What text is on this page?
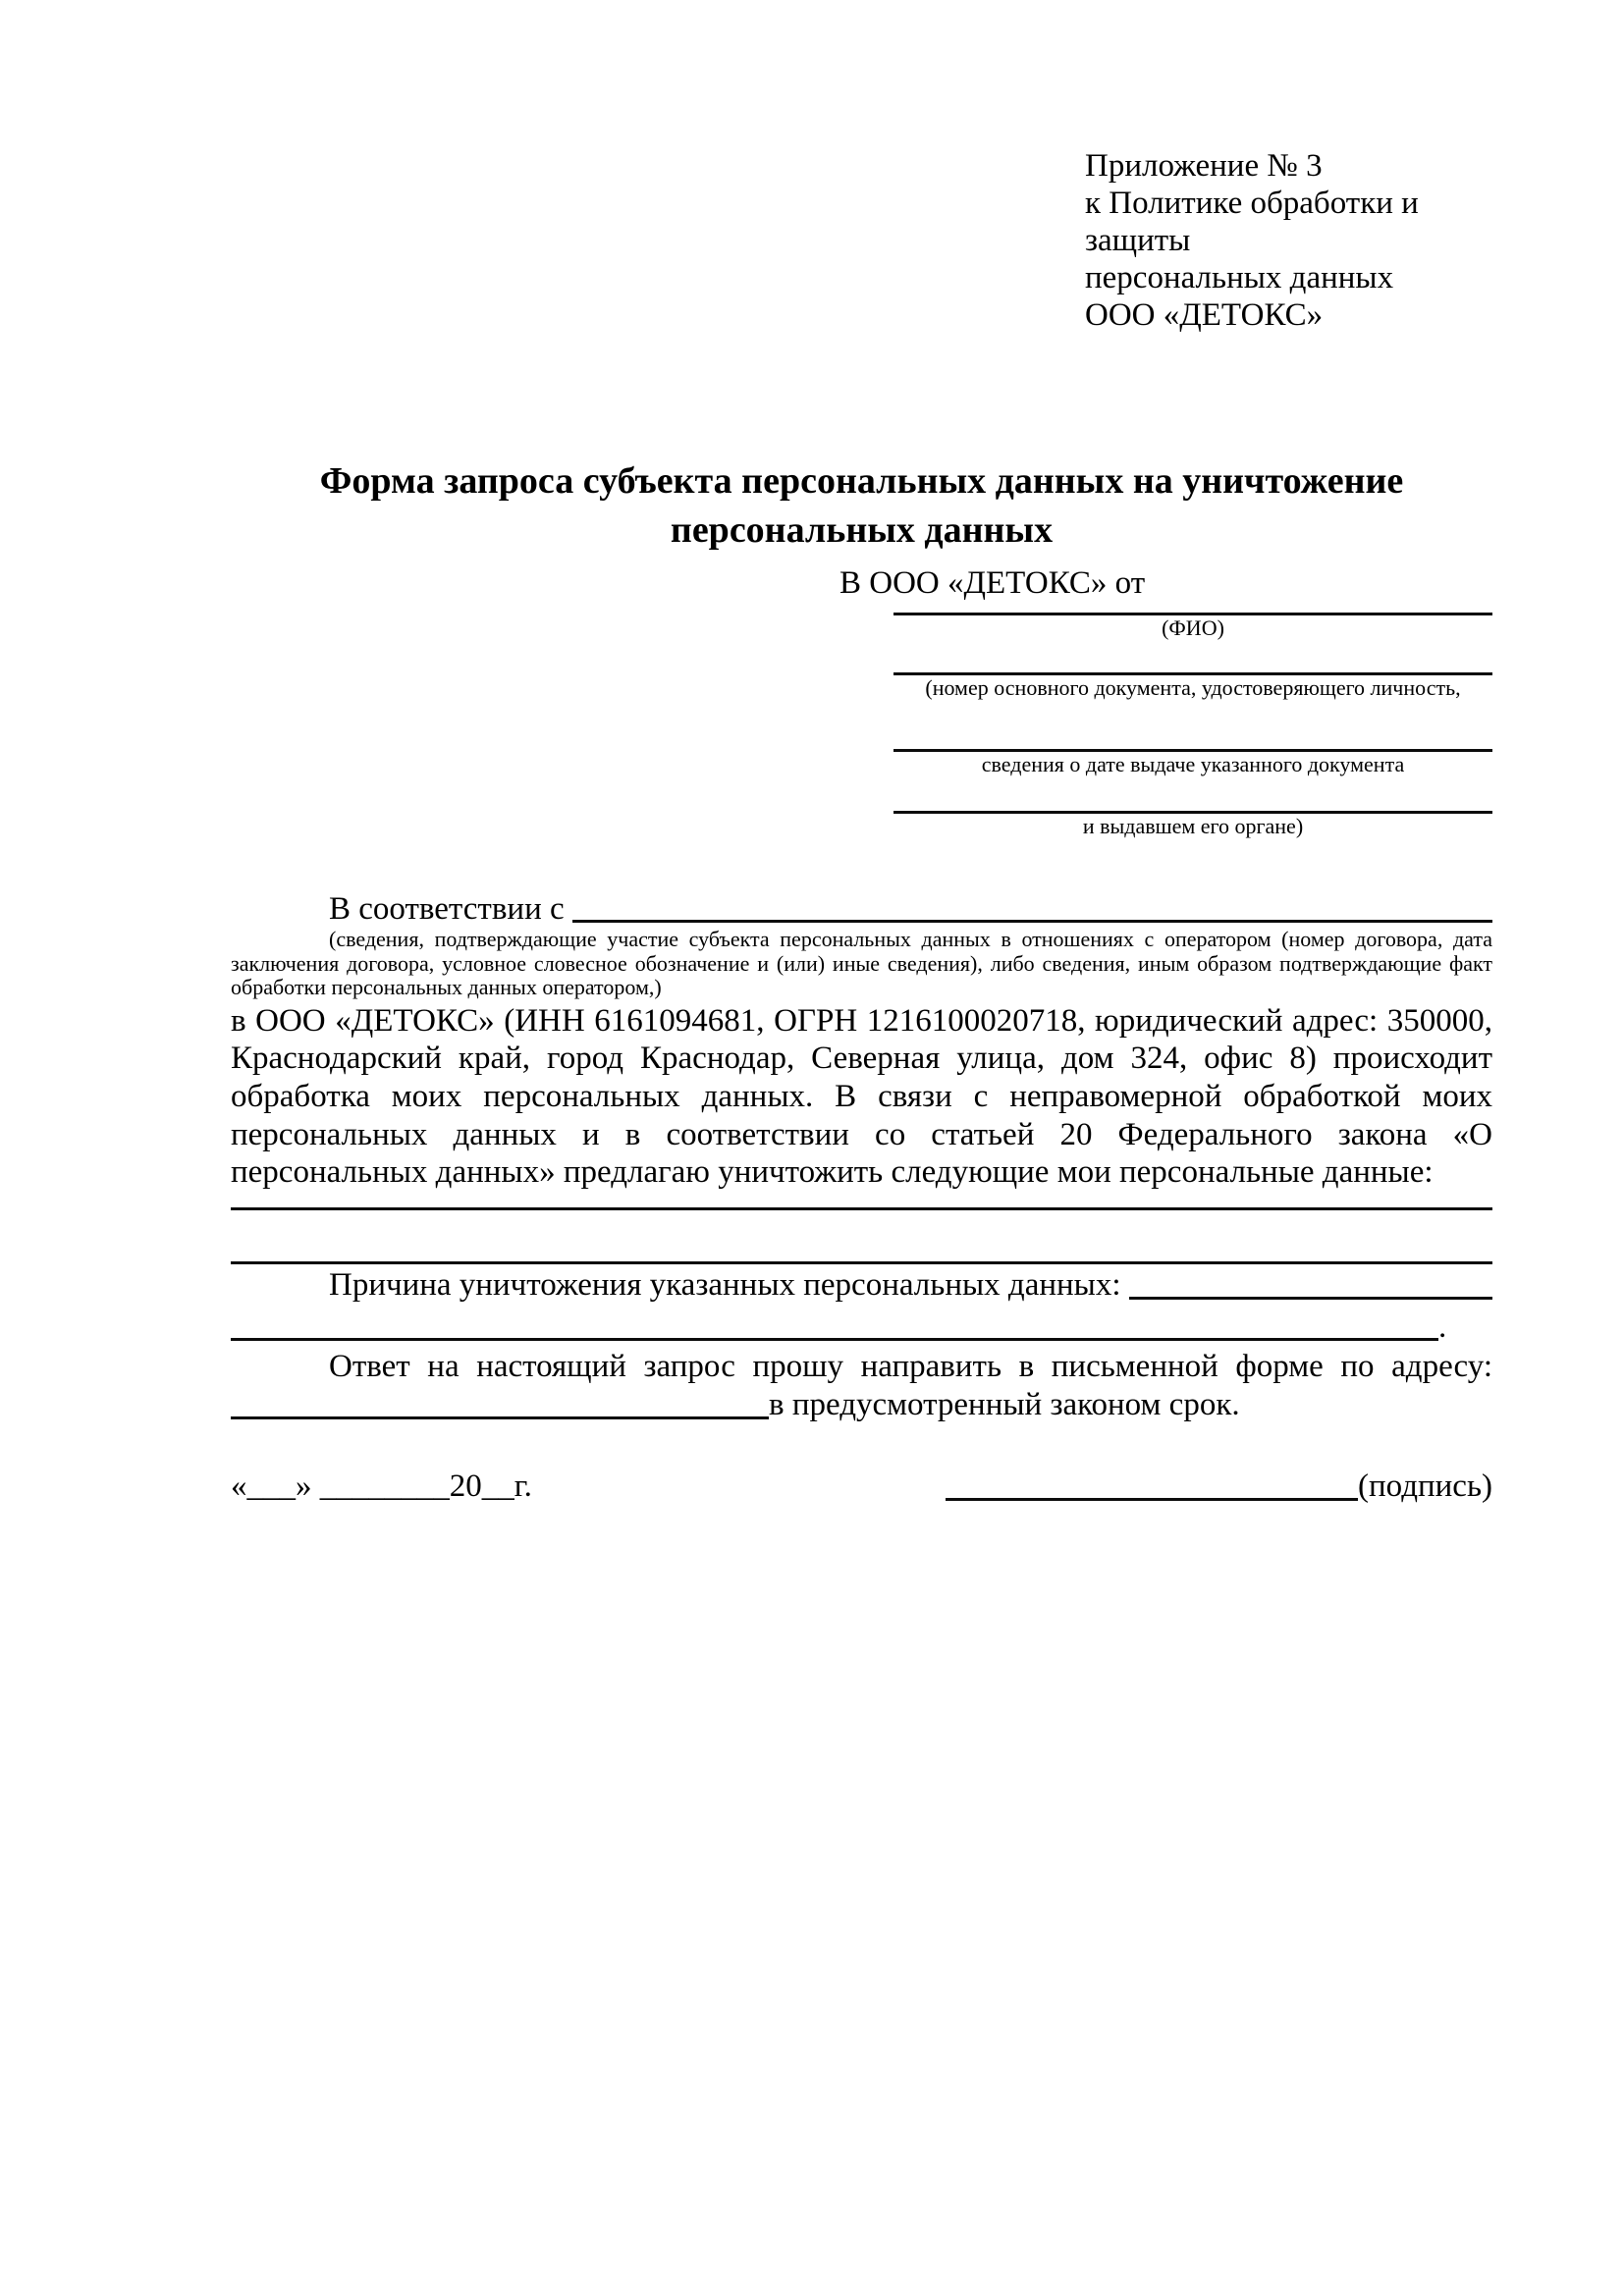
Приложение № 3
к Политике обработки и защиты
персональных данных
ООО «ДЕТОКС»
Форма запроса субъекта персональных данных на уничтожение персональных данных
В ООО «ДЕТОКС» от
(ФИО)
(номер основного документа, удостоверяющего личность,
сведения о дате выдаче указанного документа
и выдавшем его органе)
В соответствии с
(сведения, подтверждающие участие субъекта персональных данных в отношениях с оператором (номер договора, дата заключения договора, условное словесное обозначение и (или) иные сведения), либо сведения, иным образом подтверждающие факт обработки персональных данных оператором,)
в ООО «ДЕТОКС» (ИНН 6161094681, ОГРН 1216100020718, юридический адрес: 350000, Краснодарский край, город Краснодар, Северная улица, дом 324, офис 8) происходит обработка моих персональных данных. В связи с неправомерной обработкой моих персональных данных и в соответствии со статьей 20 Федерального закона «О персональных данных» предлагаю уничтожить следующие мои персональные данные:
Причина уничтожения указанных персональных данных:
.
Ответ на настоящий запрос прошу направить в письменной форме по адресу:
в предусмотренный законом срок.
«___» ________20__г.	(подпись)
